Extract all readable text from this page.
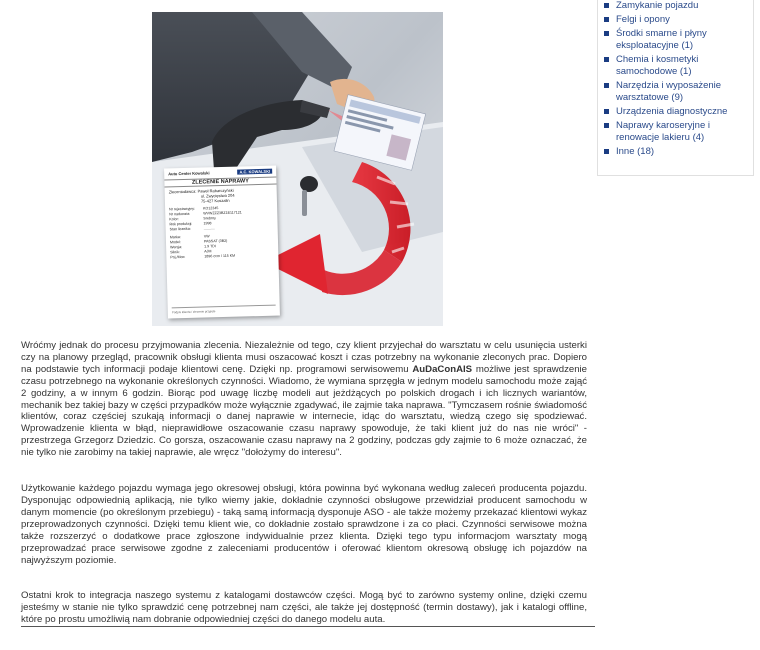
Auto Center Kowalski	A.C. KOWALSKI
ZLECENIE NAPRAWY
Zleceniodawca: Paweł Rabarczyński
ul. Zwycięstwa 204
75-427 Koszalin
Nr rejestracyjny: KO12345
Nr nadwozia:	WVWZZZ3BZ1E117121
Kolor:	Srebrny
Rok produkcji:	1998
Stan licznika:	...........
Marka:	VW
Model:	PASSAT (3B2)
Wersja:	1.9 TDI
Silnik:	AJM
Poj./Moc:	1896 ccm / 115 KM
Podpis klienta / zlecenie przyjęte
Zamykanie pojazdu
Felgi i opony
Środki smarne i płyny eksploatacyjne (1)
Chemia i kosmetyki samochodowe (1)
Narzędzia i wyposażenie warsztatowe (9)
Urządzenia diagnostyczne
Naprawy karoseryjne i renowacje lakieru (4)
Inne (18)

Wróćmy jednak do procesu przyjmowania zlecenia. Niezależnie od tego, czy klient przyjechał do warsztatu w celu usunięcia usterki czy na planowy przegląd, pracownik obsługi klienta musi oszacować koszt i czas potrzebny na wykonanie zleconych prac. Dopiero na podstawie tych informacji podaje klientowi cenę. Dzięki np. programowi serwisowemu AuDaConAIS możliwe jest sprawdzenie czasu potrzebnego na wykonanie określonych czynności. Wiadomo, że wymiana sprzęgła w jednym modelu samochodu może zająć 2 godziny, a w innym 6 godzin. Biorąc pod uwagę liczbę modeli aut jeżdżących po polskich drogach i ich licznych wariantów, mechanik bez takiej bazy w części przypadków może wyłącznie zgadywać, ile zajmie taka naprawa. "Tymczasem rośnie świadomość klientów, coraz częściej szukają informacji o danej naprawie w internecie, idąc do warsztatu, wiedzą czego się spodziewać. Wprowadzenie klienta w błąd, nieprawidłowe oszacowanie czasu naprawy spowoduje, że taki klient już do nas nie wróci" - przestrzega Grzegorz Dziedzic. Co gorsza, oszacowanie czasu naprawy na 2 godziny, podczas gdy zajmie to 6 może oznaczać, że nie tylko nie zarobimy na takiej naprawie, ale wręcz "dołożymy do interesu".

Użytkowanie każdego pojazdu wymaga jego okresowej obsługi, która powinna być wykonana według zaleceń producenta pojazdu. Dysponując odpowiednią aplikacją, nie tylko wiemy jakie, dokładnie czynności obsługowe przewidział producent samochodu w danym momencie (po określonym przebiegu) - taką samą informacją dysponuje ASO - ale także możemy przekazać klientowi wykaz przeprowadzonych czynności. Dzięki temu klient wie, co dokładnie zostało sprawdzone i za co płaci. Czynności serwisowe można także rozszerzyć o dodatkowe prace zgłoszone indywidualnie przez klienta. Dzięki tego typu informacjom warsztaty mogą przeprowadzać prace serwisowe zgodne z zaleceniami producentów i oferować klientom okresową obsługę ich pojazdów na najwyższym poziomie.

Ostatni krok to integracja naszego systemu z katalogami dostawców części. Mogą być to zarówno systemy online, dzięki czemu jesteśmy w stanie nie tylko sprawdzić cenę potrzebnej nam części, ale także jej dostępność (termin dostawy), jak i katalogi offline, które po prostu umożliwią nam dobranie odpowiedniej części do danego modelu auta.
